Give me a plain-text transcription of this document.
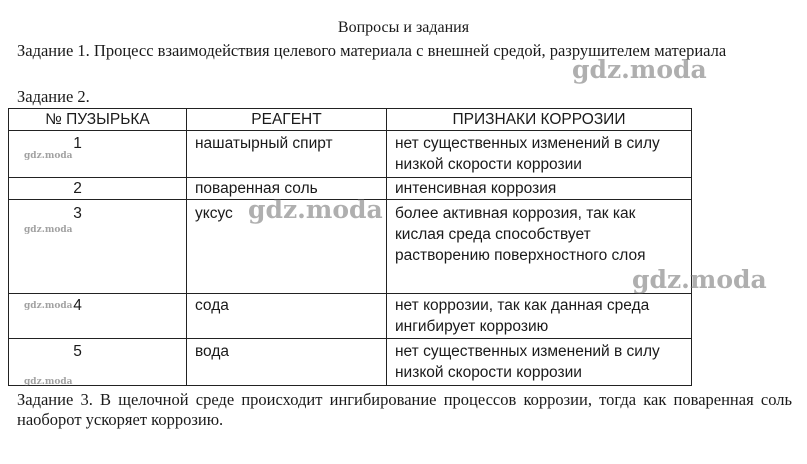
Вопросы и задания
Задание 1. Процесс взаимодействия целевого материала с внешней средой, разрушителем материала
Задание 2.
№ ПУЗЫРЬКА	РЕАГЕНТ	ПРИЗНАКИ КОРРОЗИИ
1	нашатырный спирт	нет существенных изменений в силу низкой скорости коррозии
2	поваренная соль	интенсивная коррозия
3	уксус	более активная коррозия, так как кислая среда способствует растворению поверхностного слоя
4	сода	нет коррозии, так как данная среда ингибирует коррозию
5	вода	нет существенных изменений в силу низкой скорости коррозии
Задание 3. В щелочной среде происходит ингибирование процессов коррозии, тогда как поваренная соль наоборот ускоряет коррозию.
gdz.moda
gdz.moda
gdz.moda
gdz.moda
gdz.moda
gdz.moda
gdz.moda
